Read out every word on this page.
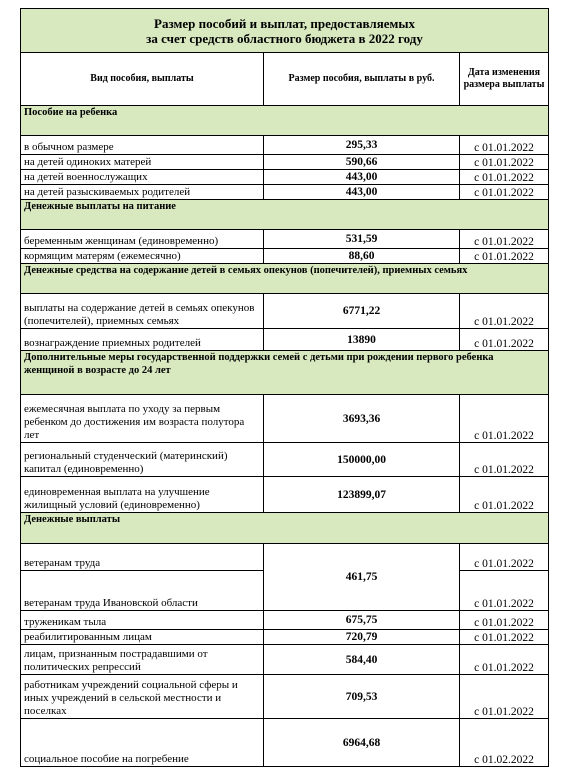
Размер пособий и выплат, предоставляемых
за счет средств областного бюджета в 2022 году		

Вид пособия, выплаты	Размер пособия, выплаты в руб.	Дата изменения размера выплаты
Пособие на ребенка		
в обычном размере	295,33	с 01.01.2022
на детей одиноких матерей	590,66	с 01.01.2022
на детей военнослужащих	443,00	с 01.01.2022
на детей разыскиваемых родителей	443,00	с 01.01.2022
Денежные выплаты на питание		
беременным женщинам (единовременно)	531,59	с 01.01.2022
кормящим матерям (ежемесячно)	88,60	с 01.01.2022
Денежные средства на содержание детей в семьях опекунов (попечителей), приемных семьях		
выплаты на содержание детей в семьях опекунов (попечителей), приемных семьях	6771,22	с 01.01.2022
вознаграждение приемных родителей	13890	с 01.01.2022
Дополнительные меры государственной поддержки семей с детьми при рождении первого ребенка женщиной в возрасте до 24 лет		
ежемесячная выплата по уходу за первым ребенком до достижения им возраста полутора лет	3693,36	с 01.01.2022
региональный студенческий (материнский) капитал (единовременно)	150000,00	с 01.01.2022
единовременная выплата на улучшение жилищный условий (единовременно)	123899,07	с 01.01.2022
Денежные выплаты		
ветеранам труда	461,75	с 01.01.2022
ветеранам труда Ивановской области		с 01.01.2022
труженикам тыла	675,75	с 01.01.2022
реабилитированным лицам	720,79	с 01.01.2022
лицам, признанным пострадавшими от политических репрессий	584,40	с 01.01.2022
работникам учреждений социальной сферы и иных учреждений в сельской местности и поселках	709,53	с 01.01.2022
социальное пособие на погребение	6964,68	с 01.02.2022
